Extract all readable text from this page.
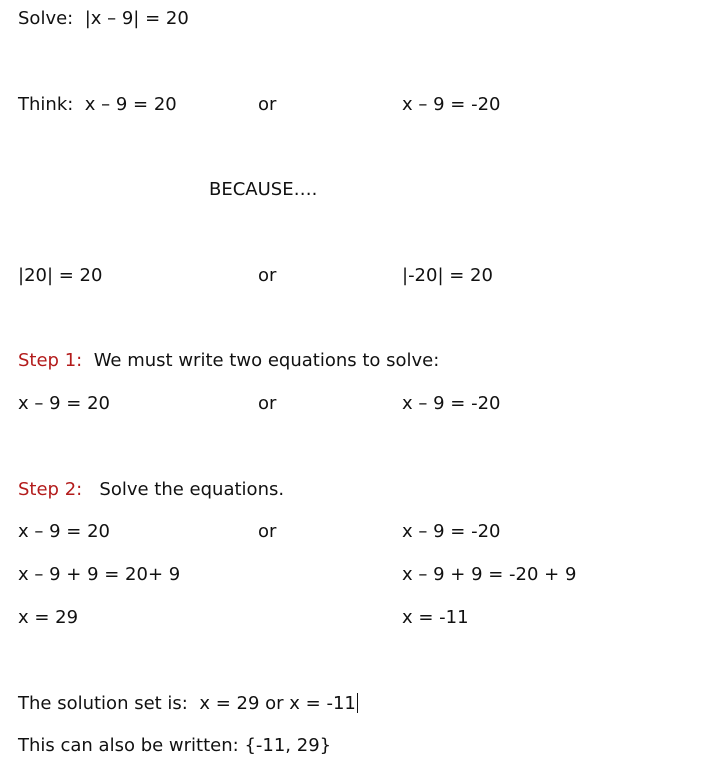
Solve: |x – 9| = 20
Think: x – 9 = 20	or	x – 9 = -20
BECAUSE….
|20| = 20	or	|-20| = 20
Step 1: We must write two equations to solve:
x – 9 = 20	or	x – 9 = -20
Step 2: Solve the equations.
x – 9 = 20	or	x – 9 = -20
x – 9 + 9 = 20+ 9	x – 9 + 9 = -20 + 9
x = 29	x = -11
The solution set is: x = 29 or x = -11
This can also be written: {-11, 29}
